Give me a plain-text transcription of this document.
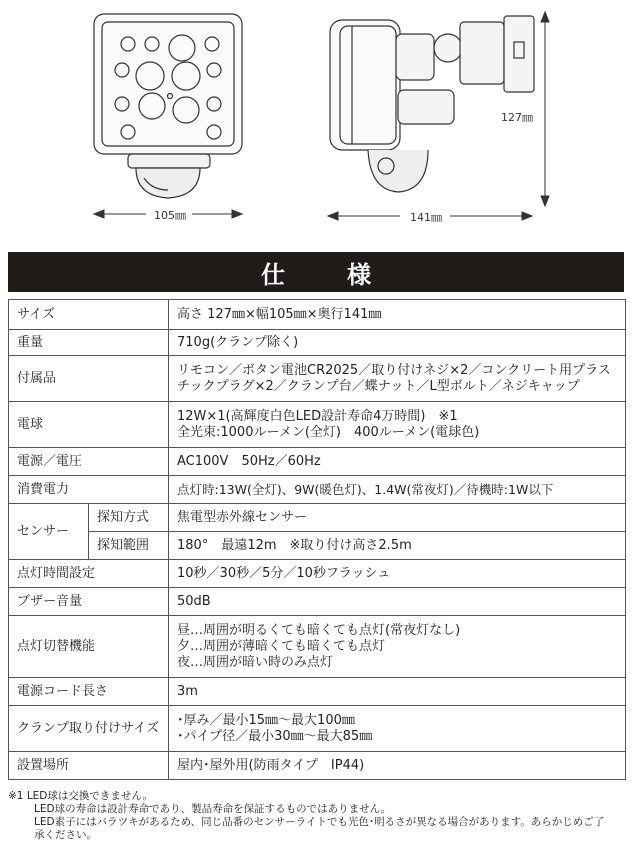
105㎜	141㎜
127㎜
仕様
サイズ		高さ 127㎜×幅105㎜×奥行141㎜
重量		710g(クランプ除く)
付属品		リモコン／ボタン電池CR2025／取り付けネジ×2／コンクリート用プラス
チックプラグ×2／クランプ台／蝶ナット／L型ボルト／ネジキャップ

電球		12W×1(高輝度白色LED設計寿命4万時間)　※1
全光束:1000ルーメン(全灯)　400ルーメン(電球色)

電源／電圧		AC100V　50Hz／60Hz
消費電力		点灯時:13W(全灯)、9W(暖色灯)、1.4W(常夜灯)／待機時:1W以下
センサー	探知方式	焦電型赤外線センサー
	探知範囲	180°　最遠12m　※取り付け高さ2.5m
点灯時間設定		10秒／30秒／5分／10秒フラッシュ
ブザー音量		50dB
点灯切替機能		昼…周囲が明るくても暗くても点灯(常夜灯なし)
夕…周囲が薄暗くても暗くても点灯
夜…周囲が暗い時のみ点灯

電源コード長さ		3m
クランプ取り付けサイズ		･厚み／最小15㎜～最大100㎜
･パイプ径／最小30㎜～最大85㎜

設置場所		屋内･屋外用(防雨タイプ　IP44)
※1 LED球は交換できません。
LED球の寿命は設計寿命であり、製品寿命を保証するものではありません。
LED素子にはバラツキがあるため、同じ品番のセンサーライトでも光色･明るさが異なる場合があります。あらかじめご了
承ください。
